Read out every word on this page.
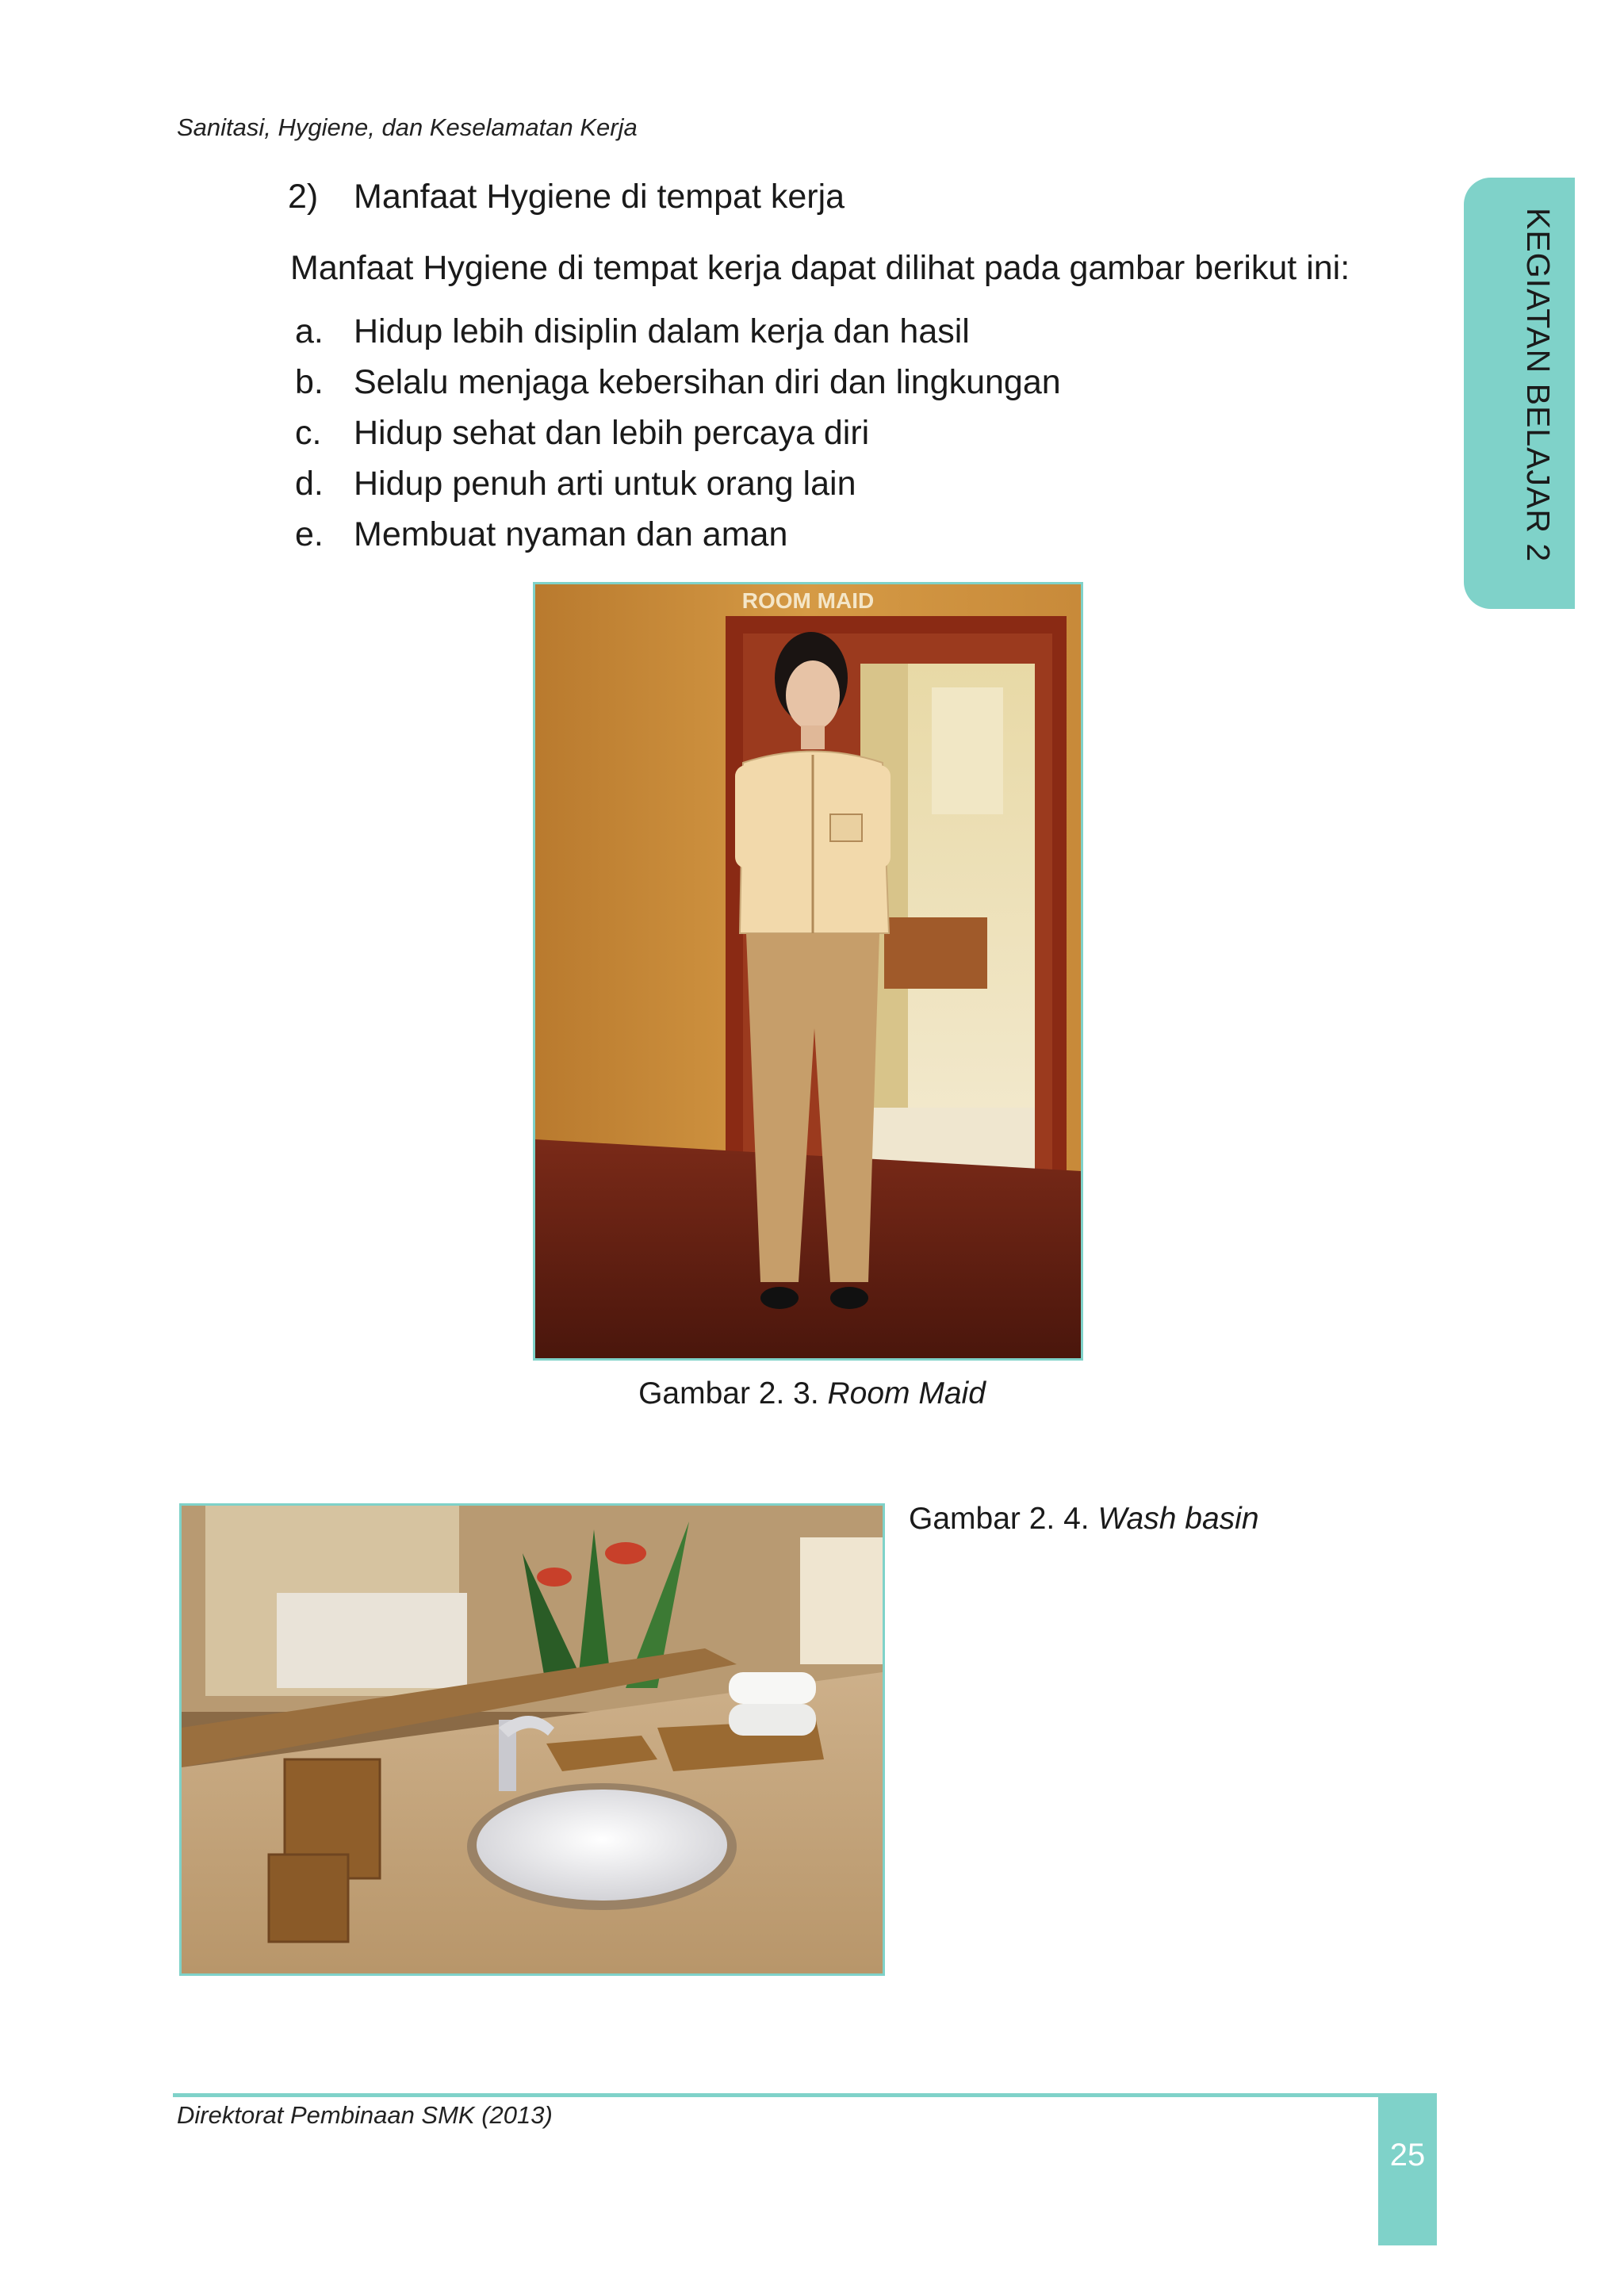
Sanitasi, Hygiene, dan Keselamatan Kerja
KEGIATAN BELAJAR 2
2) Manfaat Hygiene di tempat kerja
Manfaat Hygiene di tempat kerja dapat dilihat pada gambar berikut ini:
a. Hidup lebih disiplin dalam kerja dan hasil
b. Selalu menjaga kebersihan diri dan lingkungan
c. Hidup sehat dan lebih percaya diri
d. Hidup penuh arti untuk orang lain
e. Membuat nyaman dan aman
ROOM MAID
Gambar 2. 3. Room Maid
Gambar 2. 4. Wash basin
Direktorat Pembinaan SMK (2013)
25
